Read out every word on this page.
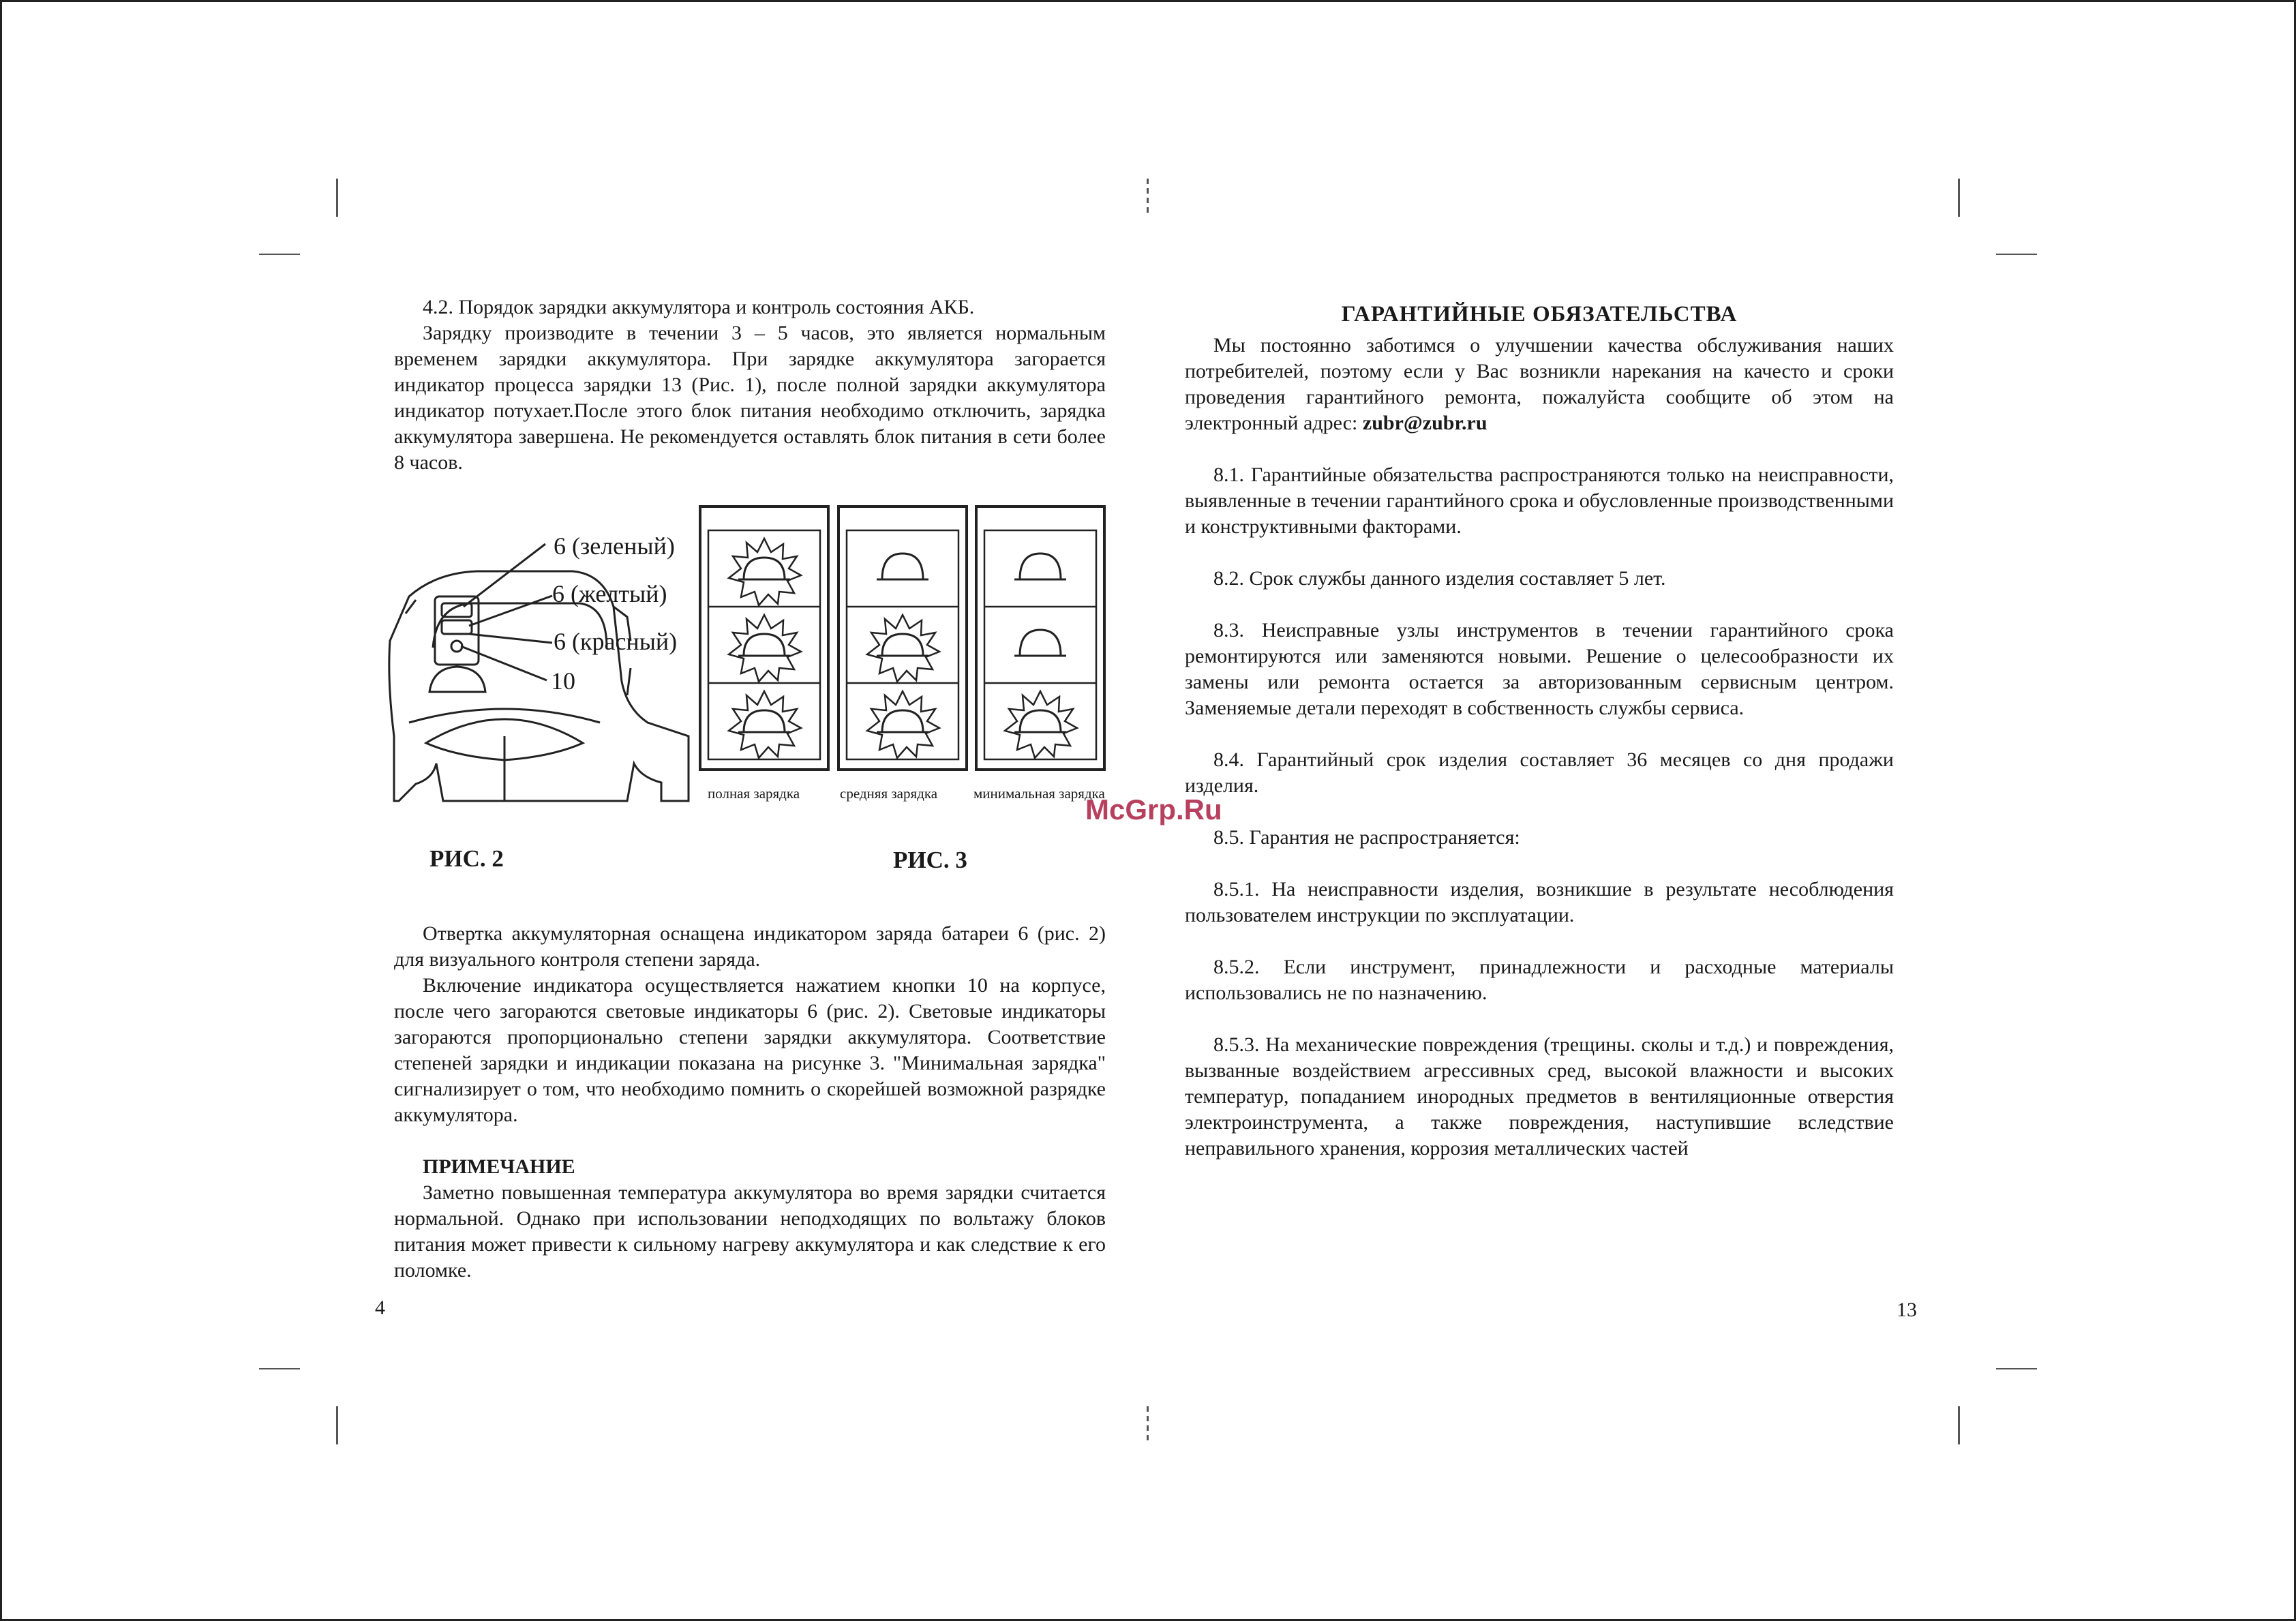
4.2. Порядок зарядки аккумулятора и контроль состояния АКБ.

Зарядку производите в течении 3 – 5 часов, это является нормальным временем зарядки аккумулятора. При зарядке аккумулятора загорается индикатор процесса зарядки 13 (Рис. 1), после полной зарядки аккумулятора индикатор потухает.После этого блок питания необходимо отключить, зарядка аккумулятора завершена. Не рекомендуется оставлять блок питания в сети более 8 часов.

6 (зеленый)
6 (желтый)
6 (красный)
10
полная зарядка	средняя зарядка	минимальная зарядка
McGrp.Ru
РИС. 2	РИС. 3

Отвертка аккумуляторная оснащена индикатором заряда батареи 6 (рис. 2) для визуального контроля степени заряда.

Включение индикатора осуществляется нажатием кнопки 10 на корпусе, после чего загораются световые индикаторы 6 (рис. 2). Световые индикаторы загораются пропорционально степени зарядки аккумулятора. Соответствие степеней зарядки и индикации показана на рисунке 3. "Минимальная зарядка" сигнализирует о том, что необходимо помнить о скорейшей возможной разрядке аккумулятора.

ПРИМЕЧАНИЕ

Заметно повышенная температура аккумулятора во время зарядки считается нормальной. Однако при использовании неподходящих по вольтажу блоков питания может привести к сильному нагреву аккумулятора и как следствие к его поломке.

4

ГАРАНТИЙНЫЕ ОБЯЗАТЕЛЬСТВА

Мы постоянно заботимся о улучшении качества обслуживания наших потребителей, поэтому если у Вас возникли нарекания на качесто и сроки проведения гарантийного ремонта, пожалуйста сообщите об этом на электронный адрес: zubr@zubr.ru

8.1. Гарантийные обязательства распространяются только на неисправности, выявленные в течении гарантийного срока и обусловленные производственными и конструктивными факторами.

8.2. Срок службы данного изделия составляет 5 лет.

8.3. Неисправные узлы инструментов в течении гарантийного срока ремонтируются или заменяются новыми. Решение о целесообразности их замены или ремонта остается за авторизованным сервисным центром. Заменяемые детали переходят в собственность службы сервиса.

8.4. Гарантийный срок изделия составляет 36 месяцев со дня продажи изделия.

8.5. Гарантия не распространяется:

8.5.1. На неисправности изделия, возникшие в результате несоблюдения пользователем инструкции по эксплуатации.

8.5.2. Если инструмент, принадлежности и расходные материалы использовались не по назначению.

8.5.3. На механические повреждения (трещины. сколы и т.д.) и повреждения, вызванные воздействием агрессивных сред, высокой влажности и высоких температур, попаданием инородных предметов в вентиляционные отверстия электроинструмента, а также повреждения, наступившие вследствие неправильного хранения, коррозия металлических частей

13
